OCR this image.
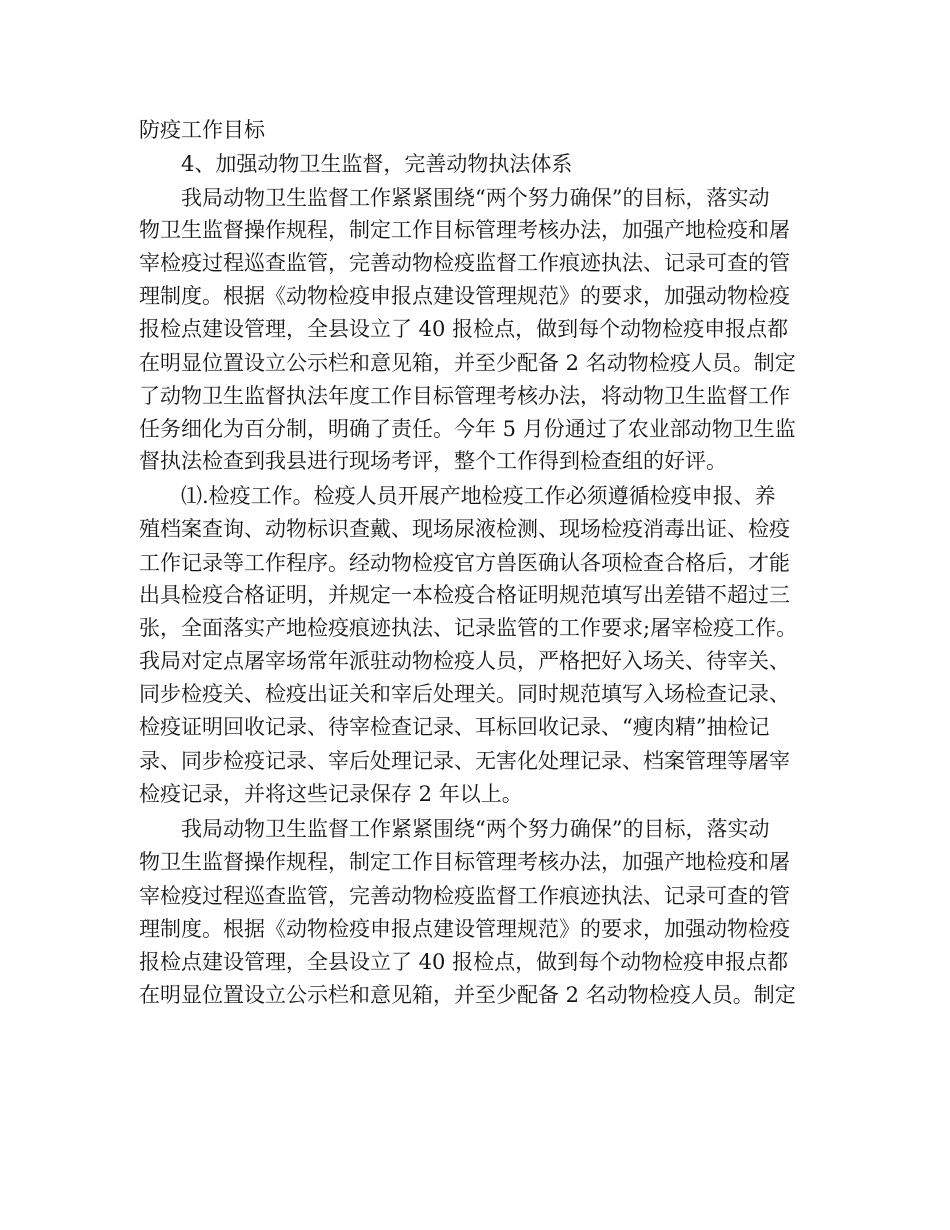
防疫工作目标
4、加强动物卫生监督，完善动物执法体系
我局动物卫生监督工作紧紧围绕“两个努力确保”的目标，落实动
物卫生监督操作规程，制定工作目标管理考核办法，加强产地检疫和屠
宰检疫过程巡查监管，完善动物检疫监督工作痕迹执法、记录可查的管
理制度。根据《动物检疫申报点建设管理规范》的要求，加强动物检疫
报检点建设管理，全县设立了 40 报检点，做到每个动物检疫申报点都
在明显位置设立公示栏和意见箱，并至少配备 2 名动物检疫人员。制定
了动物卫生监督执法年度工作目标管理考核办法，将动物卫生监督工作
任务细化为百分制，明确了责任。今年 5 月份通过了农业部动物卫生监
督执法检查到我县进行现场考评，整个工作得到检查组的好评。
⑴.检疫工作。检疫人员开展产地检疫工作必须遵循检疫申报、养
殖档案查询、动物标识查戴、现场尿液检测、现场检疫消毒出证、检疫
工作记录等工作程序。经动物检疫官方兽医确认各项检查合格后，才能
出具检疫合格证明，并规定一本检疫合格证明规范填写出差错不超过三
张，全面落实产地检疫痕迹执法、记录监管的工作要求;屠宰检疫工作。
我局对定点屠宰场常年派驻动物检疫人员，严格把好入场关、待宰关、
同步检疫关、检疫出证关和宰后处理关。同时规范填写入场检查记录、
检疫证明回收记录、待宰检查记录、耳标回收记录、“瘦肉精”抽检记
录、同步检疫记录、宰后处理记录、无害化处理记录、档案管理等屠宰
检疫记录，并将这些记录保存 2 年以上。
我局动物卫生监督工作紧紧围绕“两个努力确保”的目标，落实动
物卫生监督操作规程，制定工作目标管理考核办法，加强产地检疫和屠
宰检疫过程巡查监管，完善动物检疫监督工作痕迹执法、记录可查的管
理制度。根据《动物检疫申报点建设管理规范》的要求，加强动物检疫
报检点建设管理，全县设立了 40 报检点，做到每个动物检疫申报点都
在明显位置设立公示栏和意见箱，并至少配备 2 名动物检疫人员。制定
